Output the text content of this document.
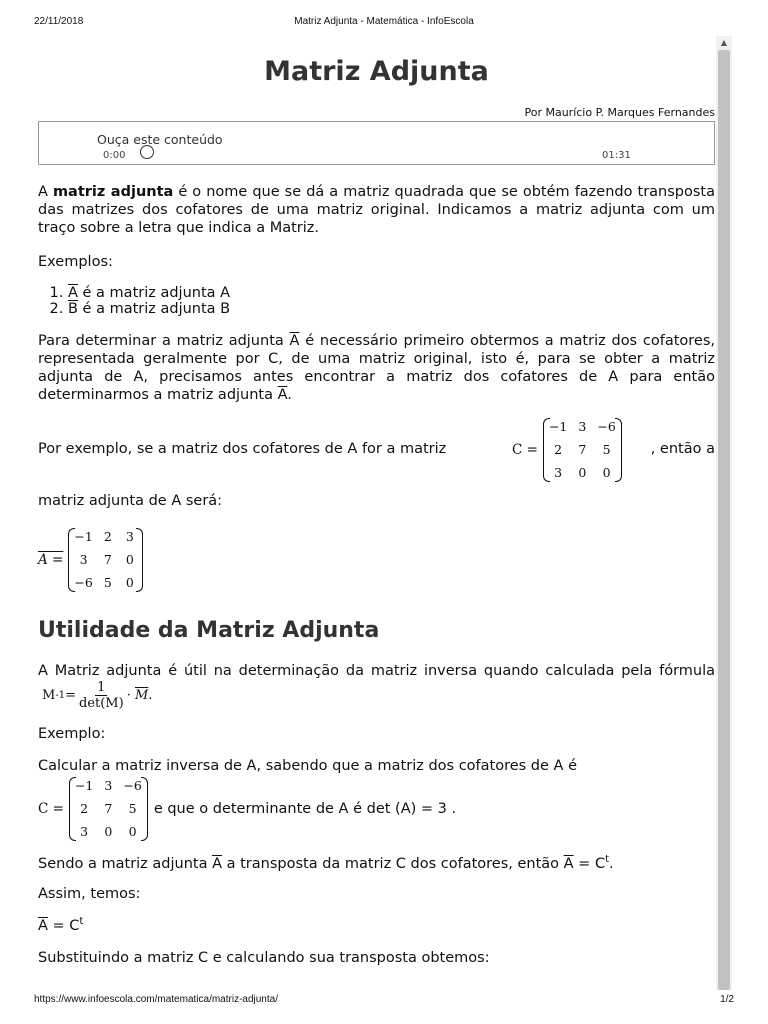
22/11/2018	Matriz Adjunta - Matemática - InfoEscola
▲
Matriz Adjunta
Por Maurício P. Marques Fernandes
Ouça este conteúdo
0:00	01:31

A matriz adjunta é o nome que se dá a matriz quadrada que se obtém fazendo transposta das matrizes dos cofatores de uma matriz original. Indicamos a matriz adjunta com um traço sobre a letra que indica a Matriz.

Exemplos:

1. $\overline{A}$ é a matriz adjunta A
2. $\overline{B}$ é a matriz adjunta B

Para determinar a matriz adjunta $\overline{A}$ é necessário primeiro obtermos a matriz dos cofatores, representada geralmente por C, de uma matriz original, isto é, para se obter a matriz adjunta de A, precisamos antes encontrar a matriz dos cofatores de A para então determinarmos a matriz adjunta $\overline{A}$.

Por exemplo, se a matriz dos cofatores de A for a matriz	C =
−1 3 −6
2	7	5
3	0	0
, então a

matriz adjunta de A será:

A =
−1 2 3
3	7 0
−6 5 0
Utilidade da Matriz Adjunta

A Matriz adjunta é útil na determinação da matriz inversa quando calculada pela fórmula
M $-1 = \frac{1}{\det(M)}$ ·
$\overline{M}$ .

Exemplo:

Calcular a matriz inversa de A, sabendo que a matriz dos cofatores de A é

C =
−1 3 −6
2	7	5
3	0	0
e que o determinante de A é det (A) = 3 .

Sendo a matriz adjunta $\overline{A}$ a transposta da matriz C dos cofatores, então $\overline{A} = C^t$.

Assim, temos:

$\overline{A} = C^t$

Substituindo a matriz C e calculando sua transposta obtemos:

https://www.infoescola.com/matematica/matriz-adjunta/	1/2
